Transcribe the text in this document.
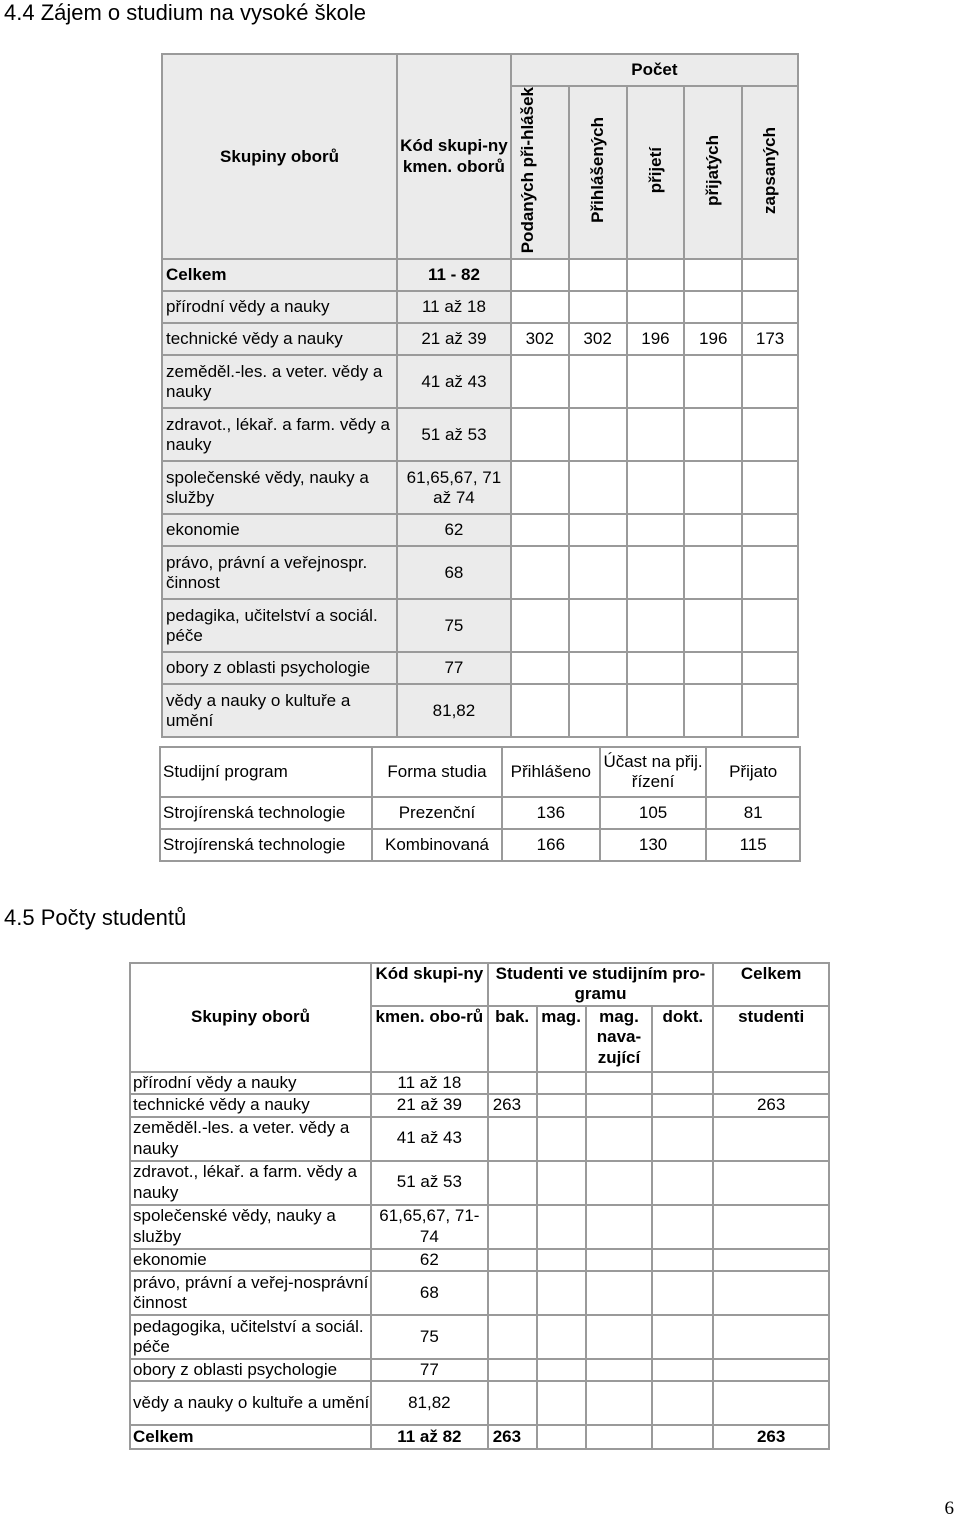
4.4 Zájem o studium na vysoké škole
Skupiny oborů	Kód skupi-ny kmen. oborů	Počet				
		Podaných při-hlášek	Přihlášených	přijetí	přijatých	zapsaných
Celkem	11 - 82					
přírodní vědy a nauky	11 až 18					
technické vědy a nauky	21 až 39	302	302	196	196	173
zeměděl.-les. a veter. vědy a nauky	41 až 43					
zdravot., lékař. a farm. vědy a nauky	51 až 53					
společenské vědy, nauky a služby	61,65,67, 71 až 74					
ekonomie	62					
právo, právní a veřejnospr. činnost	68					
pedagika, učitelství a sociál. péče	75					
obory z oblasti psychologie	77					
vědy a nauky o kultuře a umění	81,82					
Studijní program	Forma studia	Přihlášeno	Účast na přij. řízení	Přijato
Strojírenská technologie	Prezenční	136	105	81
Strojírenská technologie	Kombinovaná	166	130	115
4.5 Počty studentů
Skupiny oborů	Kód skupi-ny	Studenti ve studijním pro-gramu				Celkem
	kmen. obo-rů	bak.	mag.	mag. nava-zující	dokt.	studenti
přírodní vědy a nauky	11 až 18					
technické vědy a nauky	21 až 39	263				263
zeměděl.-les. a veter. vědy a nauky	41 až 43					
zdravot., lékař. a farm. vědy a nauky	51 až 53					
společenské vědy, nauky a služby	61,65,67, 71-74					
ekonomie	62					
právo, právní a veřej-nosprávní činnost	68					
pedagogika, učitelství a sociál. péče	75					
obory z oblasti psychologie	77					
vědy a nauky o kultuře a umění	81,82					
Celkem	11 až 82	263				263
6
